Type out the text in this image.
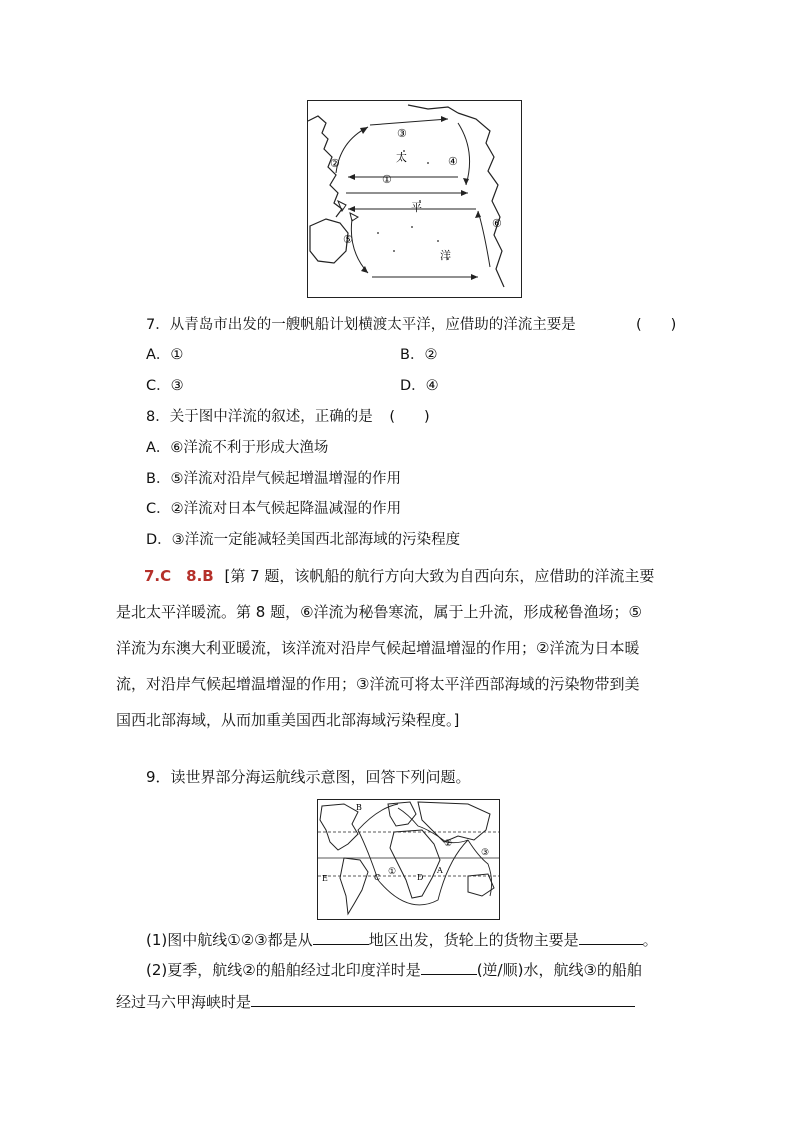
③
②	太	④
①
平
⑥
⑤
洋
7．从青岛市出发的一艘帆船计划横渡太平洋，应借助的洋流主要是	(　　)
A．①	B．②
C．③	D．④
8．关于图中洋流的叙述，正确的是 (　　)
A．⑥洋流不利于形成大渔场
B．⑤洋流对沿岸气候起增温增湿的作用
C．②洋流对日本气候起降温减湿的作用
D．③洋流一定能减轻美国西北部海域的污染程度
7.C　8.B [第 7 题，该帆船的航行方向大致为自西向东，应借助的洋流主要
是北太平洋暖流。第 8 题，⑥洋流为秘鲁寒流，属于上升流，形成秘鲁渔场；⑤
洋流为东澳大利亚暖流，该洋流对沿岸气候起增温增湿的作用；②洋流为日本暖
流，对沿岸气候起增温增湿的作用；③洋流可将太平洋西部海域的污染物带到美
国西北部海域，从而加重美国西北部海域污染程度。]
9．读世界部分海运航线示意图，回答下列问题。
B
②
③
①
C	D
A
E
(1)图中航线①②③都是从	地区出发，货轮上的货物主要是	。
(2)夏季，航线②的船舶经过北印度洋时是	(逆/顺)水，航线③的船舶
经过马六甲海峡时是
